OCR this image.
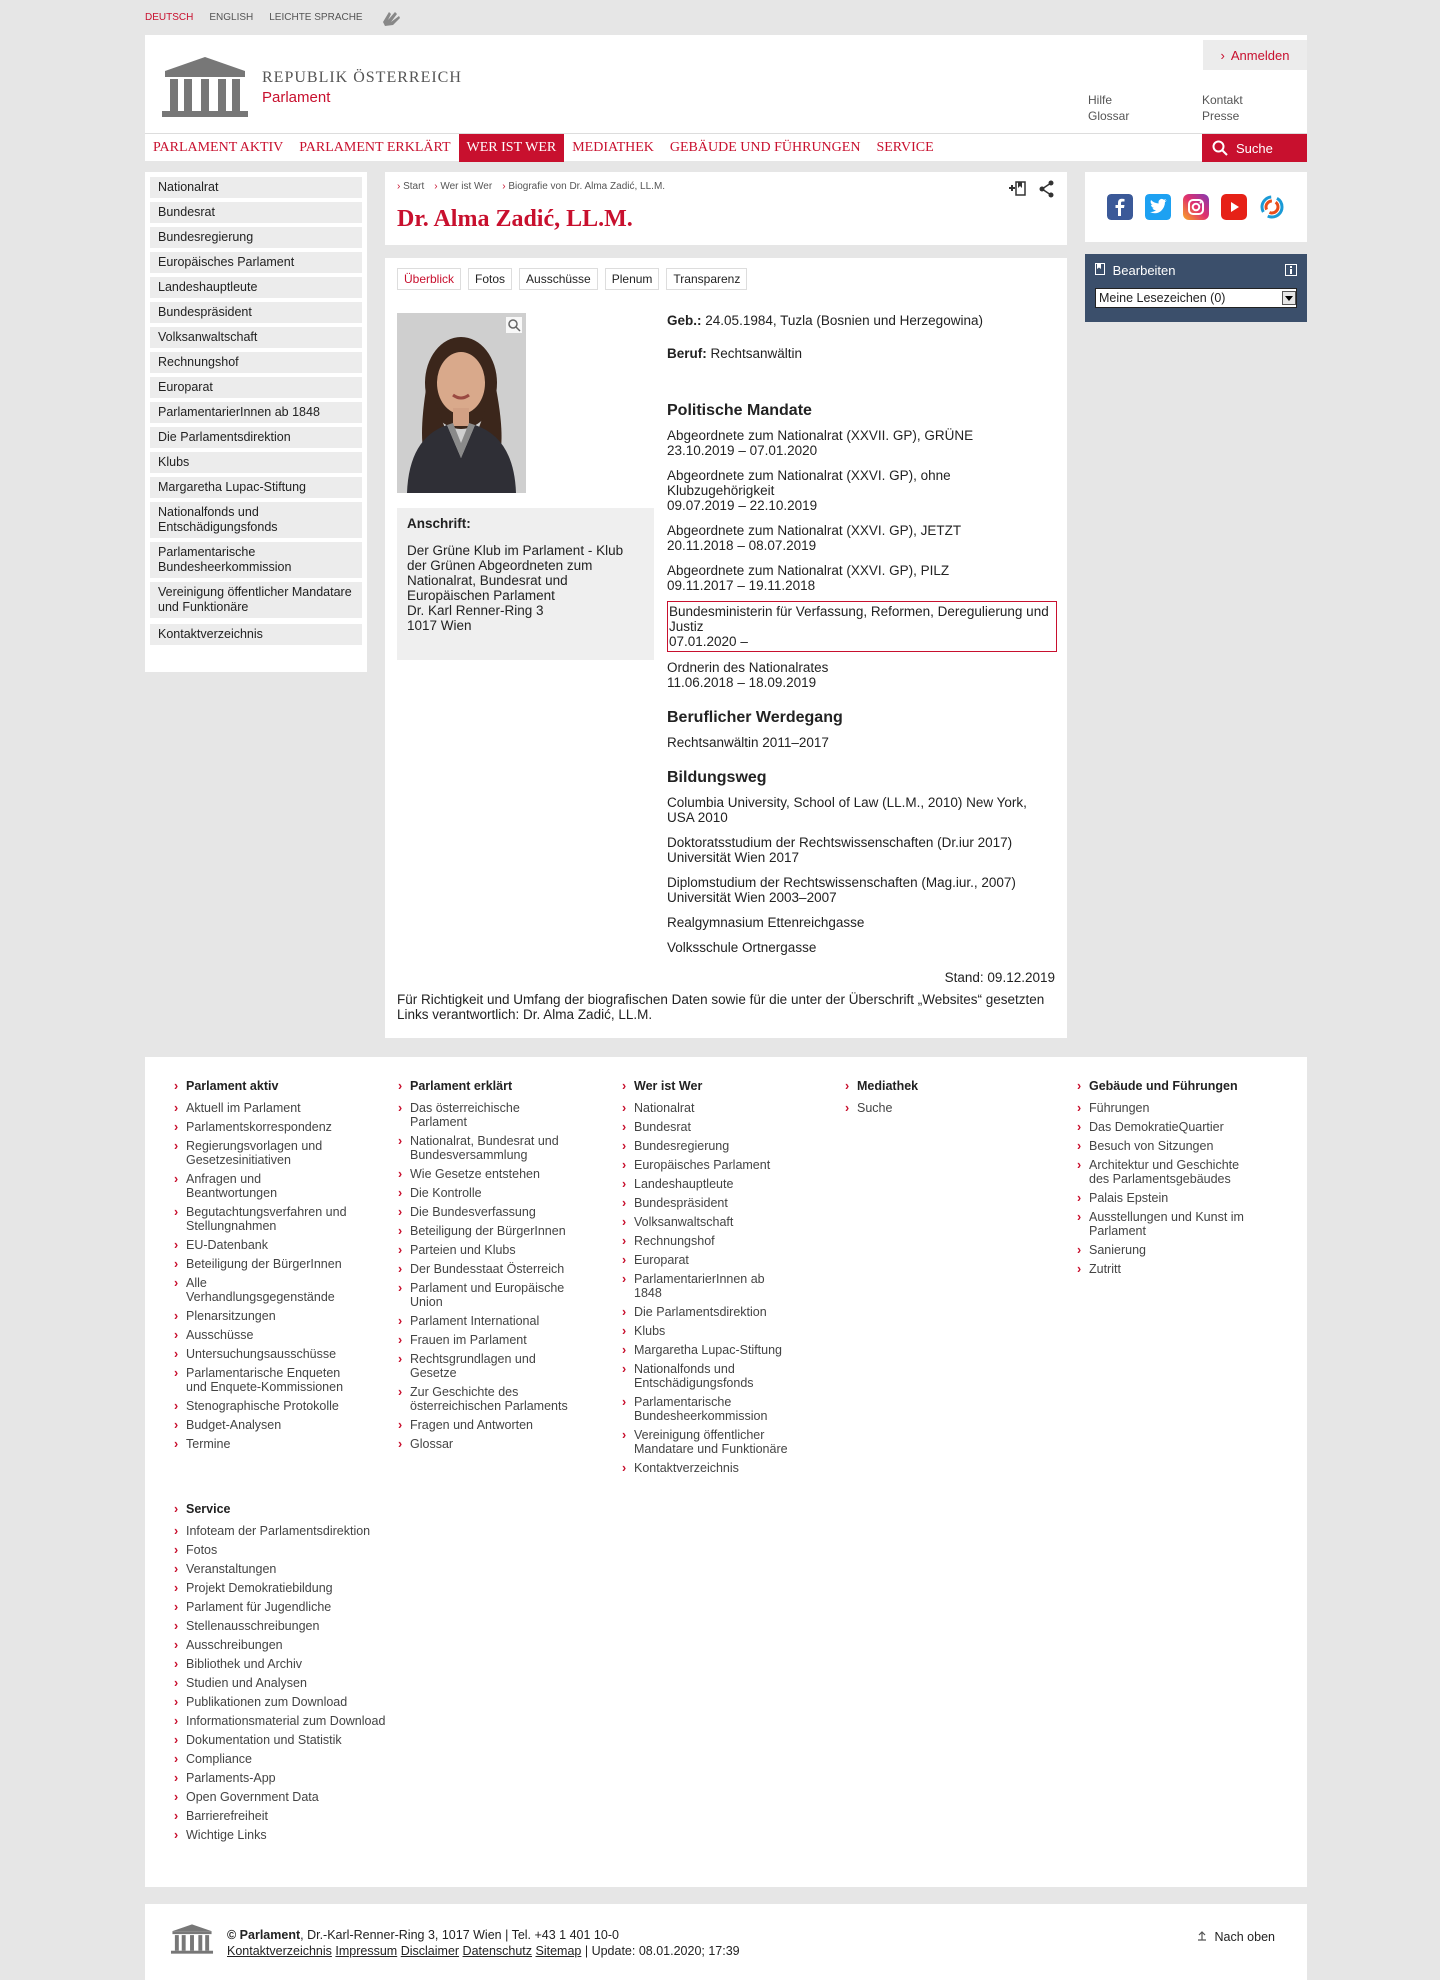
DEUTSCH ENGLISH LEICHTE SPRACHE
REPUBLIK ÖSTERREICH
Parlament
› Anmelden
Hilfe
Glossar
Kontakt
Presse
PARLAMENT AKTIV	PARLAMENT ERKLÄRT	WER IST WER	MEDIATHEK	GEBÄUDE UND FÜHRUNGEN	SERVICE	Suche
Nationalrat
Bundesrat
Bundesregierung
Europäisches Parlament
Landeshauptleute
Bundespräsident
Volksanwaltschaft
Rechnungshof
Europarat
ParlamentarierInnen ab 1848
Die Parlamentsdirektion
Klubs
Margaretha Lupac-Stiftung
Nationalfonds und Entschädigungsfonds
Parlamentarische Bundesheerkommission
Vereinigung öffentlicher Mandatare und Funktionäre
Kontaktverzeichnis
› Start › Wer ist Wer › Biografie von Dr. Alma Zadić, LL.M.
Dr. Alma Zadić, LL.M.
Überblick	Fotos	Ausschüsse	Plenum	Transparenz
Anschrift:
Der Grüne Klub im Parlament - Klub der Grünen Abgeordneten zum Nationalrat, Bundesrat und Europäischen Parlament
Dr. Karl Renner-Ring 3
1017 Wien
Geb.: 24.05.1984, Tuzla (Bosnien und Herzegowina)
Beruf: Rechtsanwältin
Politische Mandate
Abgeordnete zum Nationalrat (XXVII. GP), GRÜNE
23.10.2019 – 07.01.2020
Abgeordnete zum Nationalrat (XXVI. GP), ohne Klubzugehörigkeit
09.07.2019 – 22.10.2019
Abgeordnete zum Nationalrat (XXVI. GP), JETZT
20.11.2018 – 08.07.2019
Abgeordnete zum Nationalrat (XXVI. GP), PILZ
09.11.2017 – 19.11.2018
Bundesministerin für Verfassung, Reformen, Deregulierung und Justiz
07.01.2020 –
Ordnerin des Nationalrates
11.06.2018 – 18.09.2019
Beruflicher Werdegang
Rechtsanwältin 2011–2017
Bildungsweg
Columbia University, School of Law (LL.M., 2010) New York, USA 2010
Doktoratsstudium der Rechtswissenschaften (Dr.iur 2017) Universität Wien 2017
Diplomstudium der Rechtswissenschaften (Mag.iur., 2007) Universität Wien 2003–2007
Realgymnasium Ettenreichgasse
Volksschule Ortnergasse
Stand: 09.12.2019
Für Richtigkeit und Umfang der biografischen Daten sowie für die unter der Überschrift „Websites“ gesetzten Links verantwortlich: Dr. Alma Zadić, LL.M.
Bearbeiten
Meine Lesezeichen (0)
› Parlament aktiv
› Aktuell im Parlament
› Parlamentskorrespondenz
› Regierungsvorlagen und Gesetzesinitiativen
› Anfragen und Beantwortungen
› Begutachtungsverfahren und Stellungnahmen
› EU-Datenbank
› Beteiligung der BürgerInnen
› Alle Verhandlungsgegenstände
› Plenarsitzungen
› Ausschüsse
› Untersuchungsausschüsse
› Parlamentarische Enqueten und Enquete-Kommissionen
› Stenographische Protokolle
› Budget-Analysen
› Termine
› Parlament erklärt
› Das österreichische Parlament
› Nationalrat, Bundesrat und Bundesversammlung
› Wie Gesetze entstehen
› Die Kontrolle
› Die Bundesverfassung
› Beteiligung der BürgerInnen
› Parteien und Klubs
› Der Bundesstaat Österreich
› Parlament und Europäische Union
› Parlament International
› Frauen im Parlament
› Rechtsgrundlagen und Gesetze
› Zur Geschichte des österreichischen Parlaments
› Fragen und Antworten
› Glossar
› Wer ist Wer
› Nationalrat
› Bundesrat
› Bundesregierung
› Europäisches Parlament
› Landeshauptleute
› Bundespräsident
› Volksanwaltschaft
› Rechnungshof
› Europarat
› ParlamentarierInnen ab 1848
› Die Parlamentsdirektion
› Klubs
› Margaretha Lupac-Stiftung
› Nationalfonds und Entschädigungsfonds
› Parlamentarische Bundesheerkommission
› Vereinigung öffentlicher Mandatare und Funktionäre
› Kontaktverzeichnis
› Mediathek
› Suche
› Gebäude und Führungen
› Führungen
› Das DemokratieQuartier
› Besuch von Sitzungen
› Architektur und Geschichte des Parlamentsgebäudes
› Palais Epstein
› Ausstellungen und Kunst im Parlament
› Sanierung
› Zutritt
› Service
› Infoteam der Parlamentsdirektion
› Fotos
› Veranstaltungen
› Projekt Demokratiebildung
› Parlament für Jugendliche
› Stellenausschreibungen
› Ausschreibungen
› Bibliothek und Archiv
› Studien und Analysen
› Publikationen zum Download
› Informationsmaterial zum Download
› Dokumentation und Statistik
› Compliance
› Parlaments-App
› Open Government Data
› Barrierefreiheit
› Wichtige Links
© Parlament, Dr.-Karl-Renner-Ring 3, 1017 Wien | Tel. +43 1 401 10-0
Kontaktverzeichnis Impressum Disclaimer Datenschutz Sitemap | Update: 08.01.2020; 17:39
Nach oben
